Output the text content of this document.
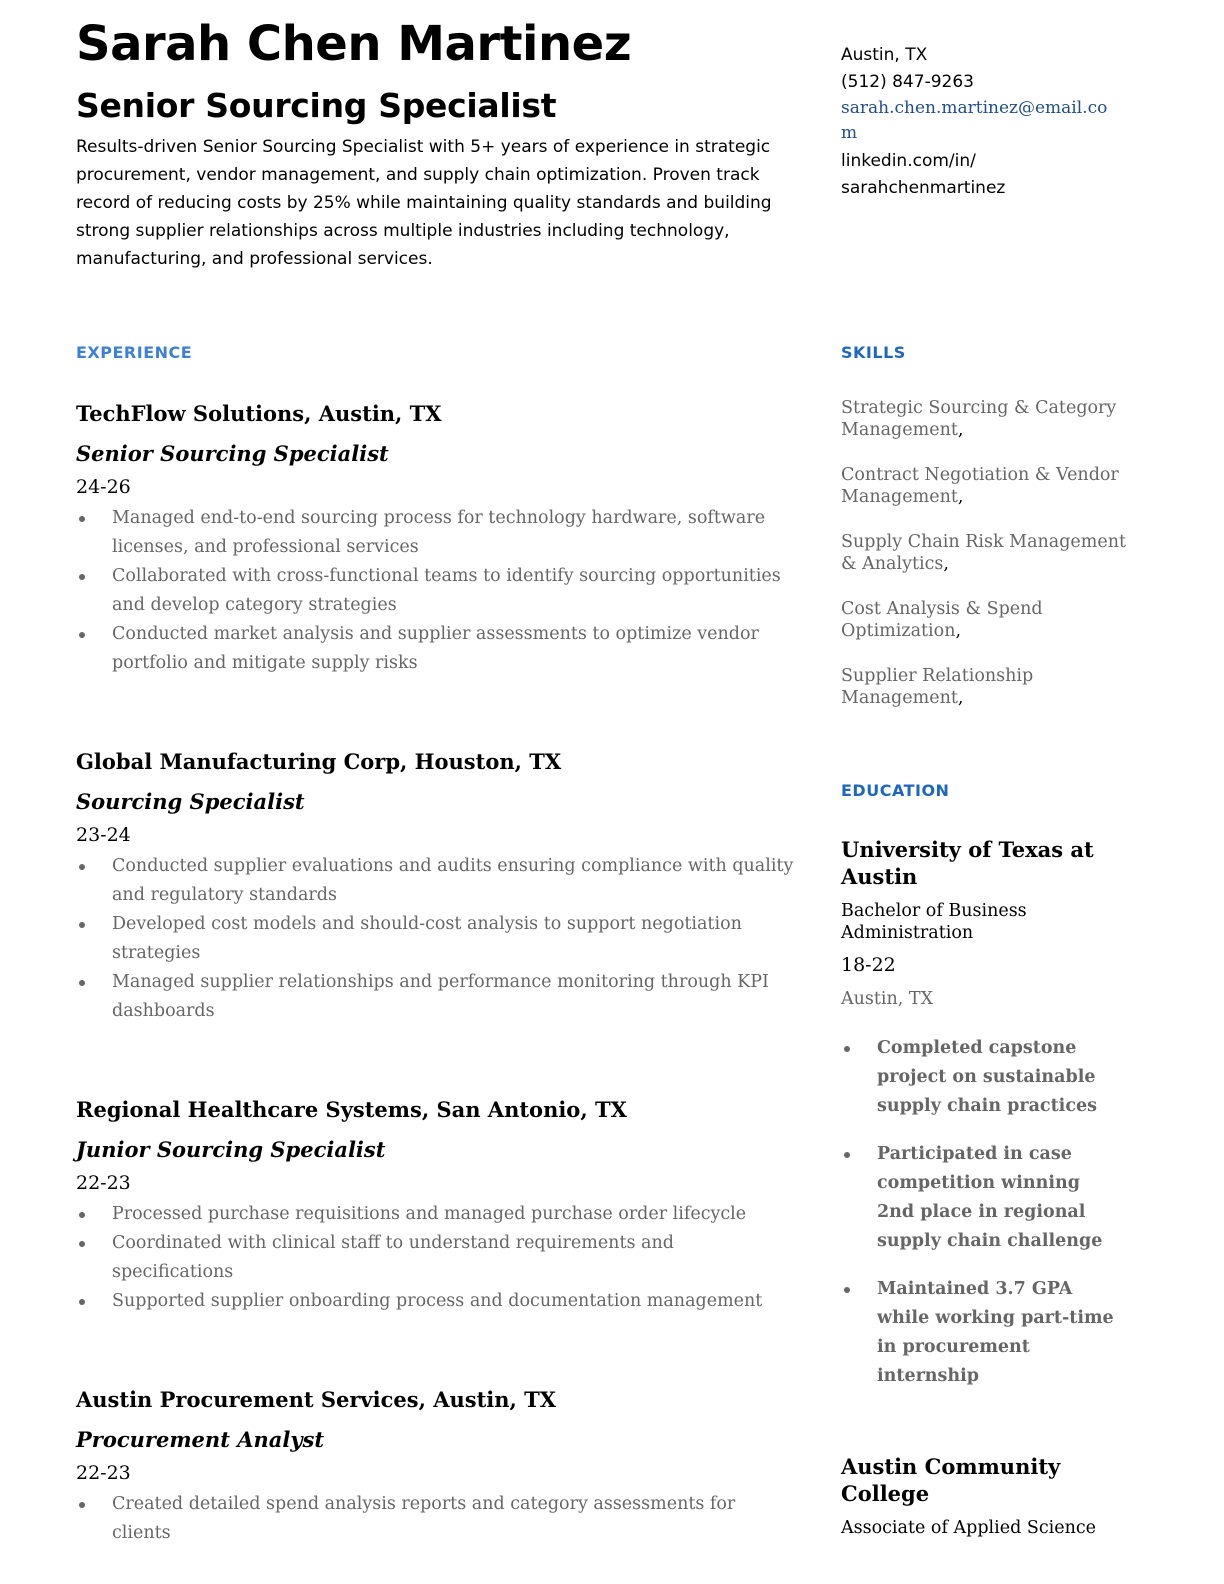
Sarah Chen Martinez
Senior Sourcing Specialist

Results-driven Senior Sourcing Specialist with 5+ years of experience in strategic procurement, vendor management, and supply chain optimization. Proven track record of reducing costs by 25% while maintaining quality standards and building strong supplier relationships across multiple industries including technology, manufacturing, and professional services.

Austin, TX
(512) 847-9263
sarah.chen.martinez@email.com
linkedin.com/in/
sarahchenmartinez
EXPERIENCE
TechFlow Solutions, Austin, TX
Senior Sourcing Specialist
24-26
Managed end-to-end sourcing process for technology hardware, software licenses, and professional services
Collaborated with cross-functional teams to identify sourcing opportunities and develop category strategies
Conducted market analysis and supplier assessments to optimize vendor portfolio and mitigate supply risks
Global Manufacturing Corp, Houston, TX
Sourcing Specialist
23-24
Conducted supplier evaluations and audits ensuring compliance with quality and regulatory standards
Developed cost models and should-cost analysis to support negotiation strategies
Managed supplier relationships and performance monitoring through KPI dashboards
Regional Healthcare Systems, San Antonio, TX
Junior Sourcing Specialist
22-23
Processed purchase requisitions and managed purchase order lifecycle
Coordinated with clinical staff to understand requirements and specifications
Supported supplier onboarding process and documentation management
Austin Procurement Services, Austin, TX
Procurement Analyst
22-23
Created detailed spend analysis reports and category assessments for clients
SKILLS
Strategic Sourcing & Category Management,
Contract Negotiation & Vendor Management,
Supply Chain Risk Management & Analytics,
Cost Analysis & Spend Optimization,
Supplier Relationship Management,
EDUCATION
University of Texas at Austin
Bachelor of Business Administration
18-22
Austin, TX
Completed capstone project on sustainable supply chain practices
Participated in case competition winning 2nd place in regional supply chain challenge
Maintained 3.7 GPA while working part-time in procurement internship
Austin Community College
Associate of Applied Science
